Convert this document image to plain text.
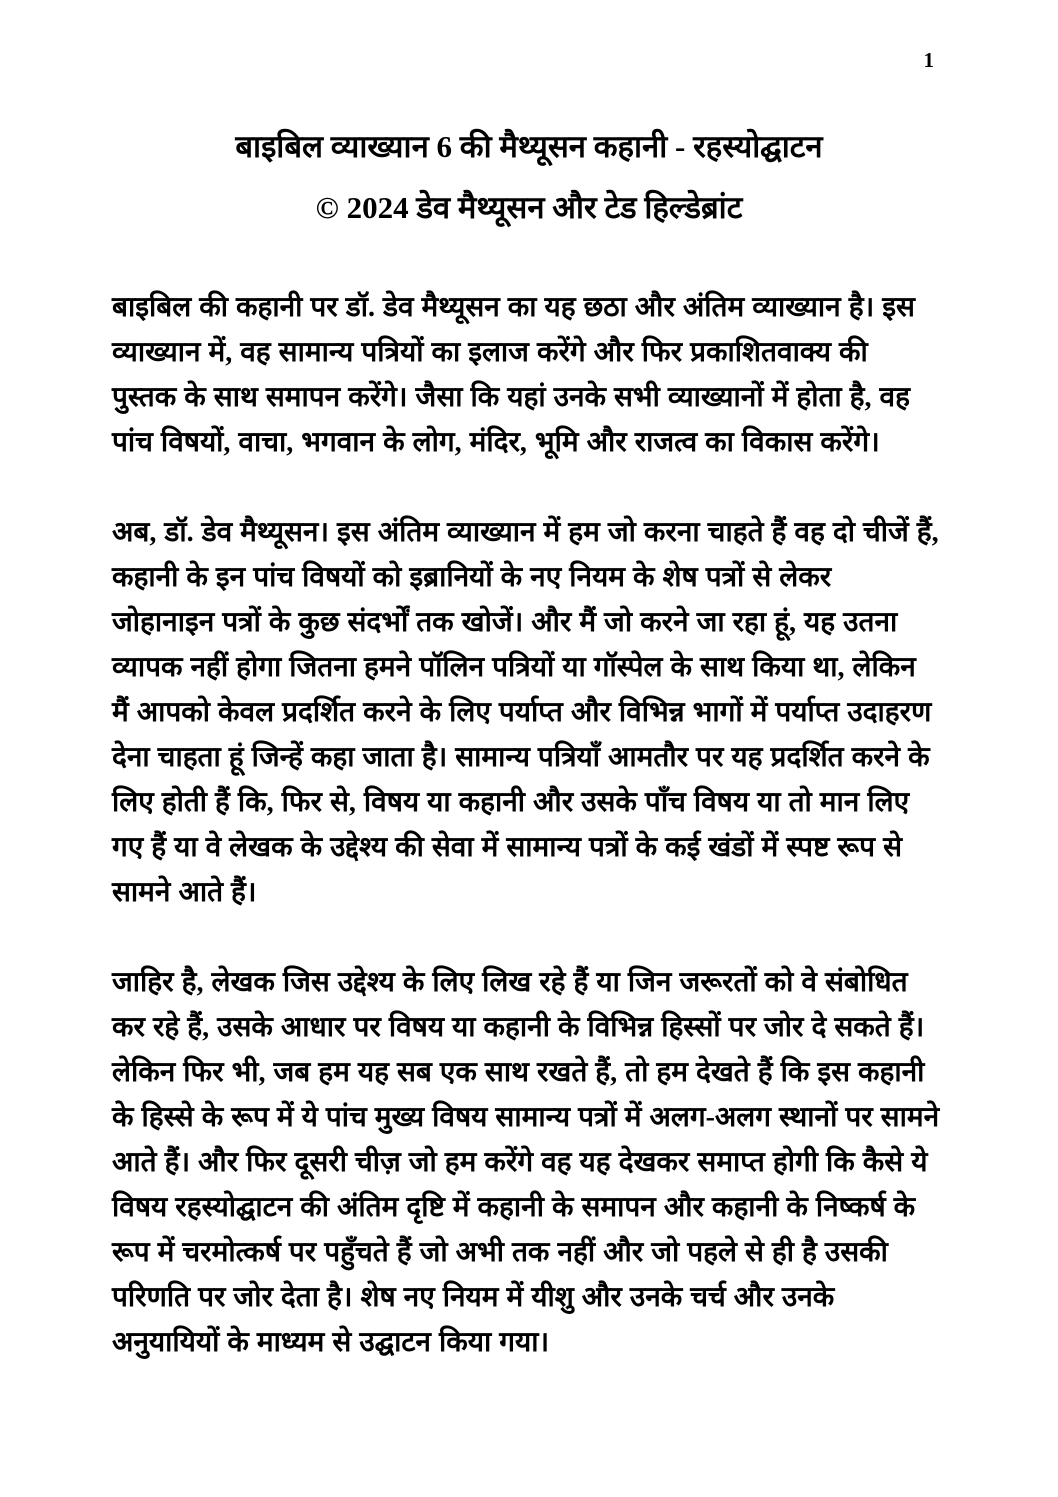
1
बाइबिल व्याख्यान 6 की मैथ्यूसन कहानी - रहस्योद्घाटन
© 2024 डेव मैथ्यूसन और टेड हिल्डेब्रांट

बाइबिल की कहानी पर डॉ. डेव मैथ्यूसन का यह छठा और अंतिम व्याख्यान है। इस व्याख्यान में, वह सामान्य पत्रियों का इलाज करेंगे और फिर प्रकाशितवाक्य की पुस्तक के साथ समापन करेंगे। जैसा कि यहां उनके सभी व्याख्यानों में होता है, वह पांच विषयों, वाचा, भगवान के लोग, मंदिर, भूमि और राजत्व का विकास करेंगे।

अब, डॉ. डेव मैथ्यूसन। इस अंतिम व्याख्यान में हम जो करना चाहते हैं वह दो चीजें हैं, कहानी के इन पांच विषयों को इब्रानियों के नए नियम के शेष पत्रों से लेकर जोहानाइन पत्रों के कुछ संदर्भों तक खोजें। और मैं जो करने जा रहा हूं, यह उतना व्यापक नहीं होगा जितना हमने पॉलिन पत्रियों या गॉस्पेल के साथ किया था, लेकिन मैं आपको केवल प्रदर्शित करने के लिए पर्याप्त और विभिन्न भागों में पर्याप्त उदाहरण देना चाहता हूं जिन्हें कहा जाता है। सामान्य पत्रियाँ आमतौर पर यह प्रदर्शित करने के लिए होती हैं कि, फिर से, विषय या कहानी और उसके पाँच विषय या तो मान लिए गए हैं या वे लेखक के उद्देश्य की सेवा में सामान्य पत्रों के कई खंडों में स्पष्ट रूप से सामने आते हैं।

जाहिर है, लेखक जिस उद्देश्य के लिए लिख रहे हैं या जिन जरूरतों को वे संबोधित कर रहे हैं, उसके आधार पर विषय या कहानी के विभिन्न हिस्सों पर जोर दे सकते हैं। लेकिन फिर भी, जब हम यह सब एक साथ रखते हैं, तो हम देखते हैं कि इस कहानी के हिस्से के रूप में ये पांच मुख्य विषय सामान्य पत्रों में अलग-अलग स्थानों पर सामने आते हैं। और फिर दूसरी चीज़ जो हम करेंगे वह यह देखकर समाप्त होगी कि कैसे ये विषय रहस्योद्घाटन की अंतिम दृष्टि में कहानी के समापन और कहानी के निष्कर्ष के रूप में चरमोत्कर्ष पर पहुँचते हैं जो अभी तक नहीं और जो पहले से ही है उसकी परिणति पर जोर देता है। शेष नए नियम में यीशु और उनके चर्च और उनके अनुयायियों के माध्यम से उद्घाटन किया गया।
